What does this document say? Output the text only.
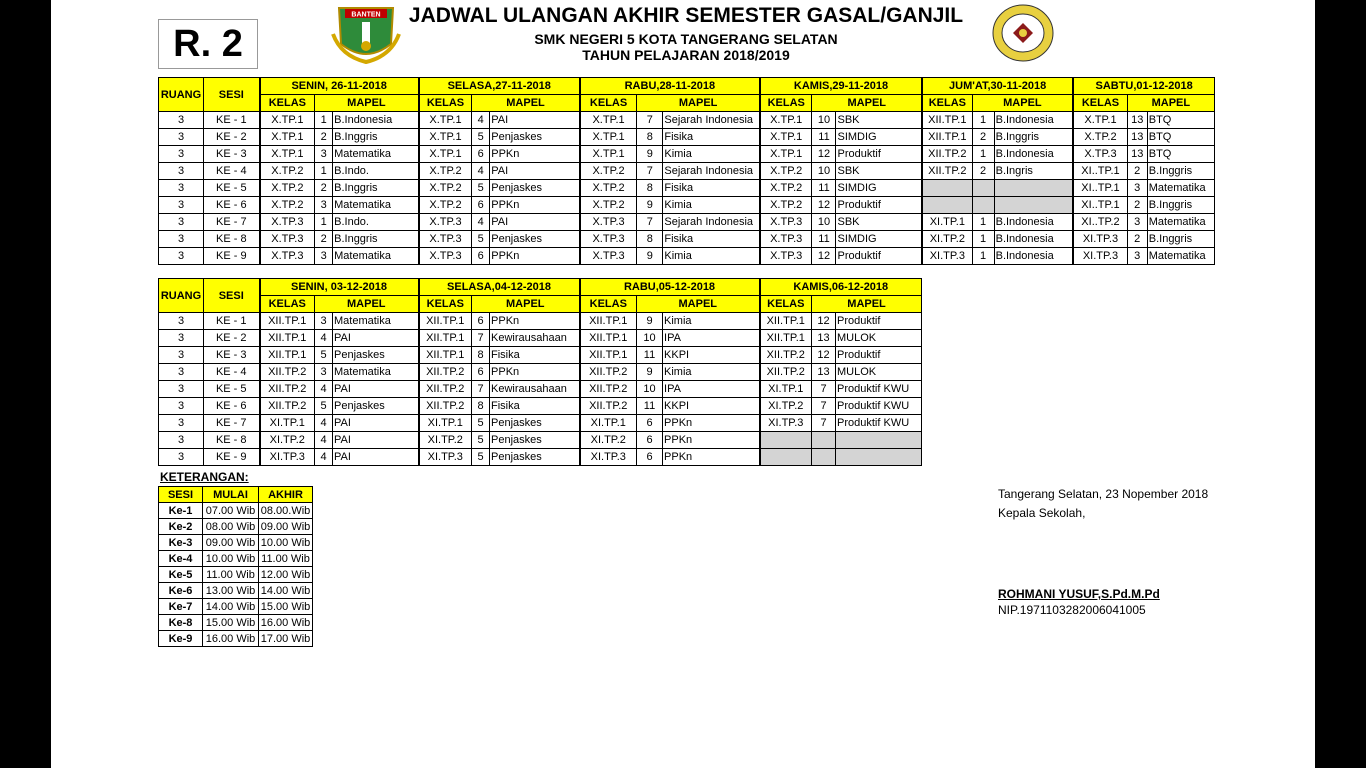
R. 2
BANTEN	JADWAL ULANGAN AKHIR SEMESTER GASAL/GANJIL
SMK NEGERI 5 KOTA TANGERANG SELATAN
TAHUN PELAJARAN 2018/2019
RUANG	SESI	SENIN, 26-11-2018			SELASA,27-11-2018			RABU,28-11-2018			KAMIS,29-11-2018			JUM'AT,30-11-2018			SABTU,01-12-2018		
		KELAS	MAPEL		KELAS	MAPEL		KELAS	MAPEL		KELAS	MAPEL		KELAS	MAPEL		KELAS	MAPEL	
3	KE - 1	X.TP.1	1	B.Indonesia	X.TP.1	4	PAI	X.TP.1	7	Sejarah Indonesia	X.TP.1	10	SBK	XII.TP.1	1	B.Indonesia	X.TP.1	13	BTQ
3	KE - 2	X.TP.1	2	B.Inggris	X.TP.1	5	Penjaskes	X.TP.1	8	Fisika	X.TP.1	11	SIMDIG	XII.TP.1	2	B.Inggris	X.TP.2	13	BTQ
3	KE - 3	X.TP.1	3	Matematika	X.TP.1	6	PPKn	X.TP.1	9	Kimia	X.TP.1	12	Produktif	XII.TP.2	1	B.Indonesia	X.TP.3	13	BTQ
3	KE - 4	X.TP.2	1	B.Indo.	X.TP.2	4	PAI	X.TP.2	7	Sejarah Indonesia	X.TP.2	10	SBK	XII.TP.2	2	B.Ingris	XI..TP.1	2	B.Inggris
3	KE - 5	X.TP.2	2	B.Inggris	X.TP.2	5	Penjaskes	X.TP.2	8	Fisika	X.TP.2	11	SIMDIG				XI..TP.1	3	Matematika
3	KE - 6	X.TP.2	3	Matematika	X.TP.2	6	PPKn	X.TP.2	9	Kimia	X.TP.2	12	Produktif				XI..TP.1	2	B.Inggris
3	KE - 7	X.TP.3	1	B.Indo.	X.TP.3	4	PAI	X.TP.3	7	Sejarah Indonesia	X.TP.3	10	SBK	XI.TP.1	1	B.Indonesia	XI..TP.2	3	Matematika
3	KE - 8	X.TP.3	2	B.Inggris	X.TP.3	5	Penjaskes	X.TP.3	8	Fisika	X.TP.3	11	SIMDIG	XI.TP.2	1	B.Indonesia	XI.TP.3	2	B.Inggris
3	KE - 9	X.TP.3	3	Matematika	X.TP.3	6	PPKn	X.TP.3	9	Kimia	X.TP.3	12	Produktif	XI.TP.3	1	B.Indonesia	XI.TP.3	3	Matematika
RUANG	SESI	SENIN, 03-12-2018			SELASA,04-12-2018			RABU,05-12-2018			KAMIS,06-12-2018		
		KELAS	MAPEL		KELAS	MAPEL		KELAS	MAPEL		KELAS	MAPEL	
3	KE - 1	XII.TP.1	3	Matematika	XII.TP.1	6	PPKn	XII.TP.1	9	Kimia	XII.TP.1	12	Produktif
3	KE - 2	XII.TP.1	4	PAI	XII.TP.1	7	Kewirausahaan	XII.TP.1	10	IPA	XII.TP.1	13	MULOK
3	KE - 3	XII.TP.1	5	Penjaskes	XII.TP.1	8	Fisika	XII.TP.1	11	KKPI	XII.TP.2	12	Produktif
3	KE - 4	XII.TP.2	3	Matematika	XII.TP.2	6	PPKn	XII.TP.2	9	Kimia	XII.TP.2	13	MULOK
3	KE - 5	XII.TP.2	4	PAI	XII.TP.2	7	Kewirausahaan	XII.TP.2	10	IPA	XI.TP.1	7	Produktif KWU
3	KE - 6	XII.TP.2	5	Penjaskes	XII.TP.2	8	Fisika	XII.TP.2	11	KKPI	XI.TP.2	7	Produktif KWU
3	KE - 7	XI.TP.1	4	PAI	XI.TP.1	5	Penjaskes	XI.TP.1	6	PPKn	XI.TP.3	7	Produktif KWU
3	KE - 8	XI.TP.2	4	PAI	XI.TP.2	5	Penjaskes	XI.TP.2	6	PPKn			
3	KE - 9	XI.TP.3	4	PAI	XI.TP.3	5	Penjaskes	XI.TP.3	6	PPKn			
KETERANGAN:
SESI	MULAI	AKHIR
Ke-1	07.00 Wib	08.00.Wib
Ke-2	08.00 Wib	09.00 Wib
Ke-3	09.00 Wib	10.00 Wib
Ke-4	10.00 Wib	11.00 Wib
Ke-5	11.00 Wib	12.00 Wib
Ke-6	13.00 Wib	14.00 Wib
Ke-7	14.00 Wib	15.00 Wib
Ke-8	15.00 Wib	16.00 Wib
Ke-9	16.00 Wib	17.00 Wib
Tangerang Selatan, 23 Nopember 2018
Kepala Sekolah,
ROHMANI YUSUF,S.Pd.M.Pd
NIP.197110328200604100​5
